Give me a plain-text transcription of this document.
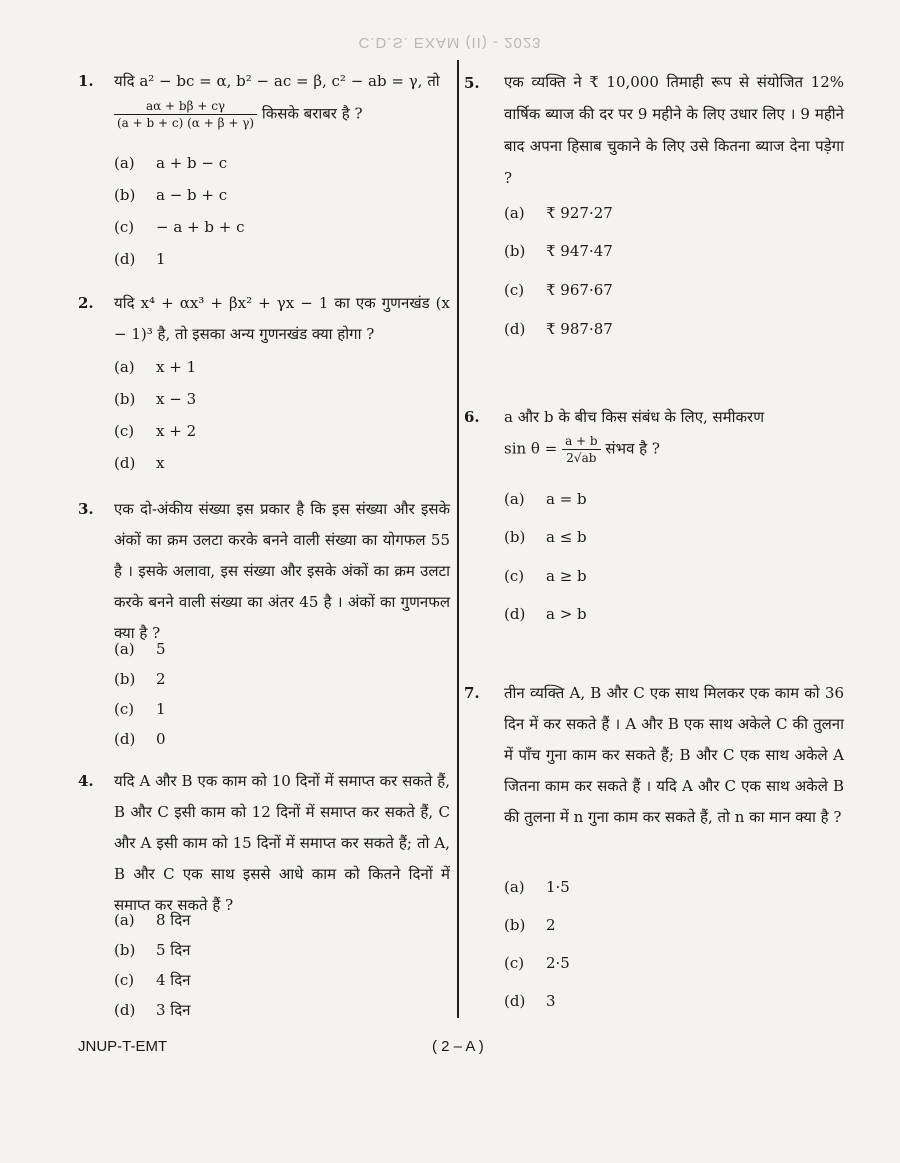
C.D.S. EXAM (II) - 2023
1. यदि a² − bc = α, b² − ac = β, c² − ab = γ, तो
$\frac{a\alpha + b\beta + c\gamma}{(a + b + c) (\alpha + \beta + \gamma)}$ किसके बराबर है ?
(a) a + b − c
(b) a − b + c
(c) − a + b + c
(d) 1
2. यदि x⁴ + αx³ + βx² + γx − 1 का एक गुणनखंड (x − 1)³ है, तो इसका अन्य गुणनखंड क्या होगा ?
(a) x + 1
(b) x − 3
(c) x + 2
(d) x
3. एक दो-अंकीय संख्या इस प्रकार है कि इस संख्या और इसके अंकों का क्रम उलटा करके बनने वाली संख्या का योगफल 55 है । इसके अलावा, इस संख्या और इसके अंकों का क्रम उलटा करके बनने वाली संख्या का अंतर 45 है । अंकों का गुणनफल क्या है ?
(a) 5
(b) 2
(c) 1
(d) 0
4. यदि A और B एक काम को 10 दिनों में समाप्त कर सकते हैं, B और C इसी काम को 12 दिनों में समाप्त कर सकते हैं, C और A इसी काम को 15 दिनों में समाप्त कर सकते हैं; तो A, B और C एक साथ इससे आधे काम को कितने दिनों में समाप्त कर सकते हैं ?
(a) 8 दिन
(b) 5 दिन
(c) 4 दिन
(d) 3 दिन
5. एक व्यक्ति ने ₹ 10,000 तिमाही रूप से संयोजित 12% वार्षिक ब्याज की दर पर 9 महीने के लिए उधार लिए । 9 महीने बाद अपना हिसाब चुकाने के लिए उसे कितना ब्याज देना पड़ेगा ?
(a) ₹ 927·27
(b) ₹ 947·47
(c) ₹ 967·67
(d) ₹ 987·87
6. a और b के बीच किस संबंध के लिए, समीकरण
$\sin \theta = \frac{a + b}{2√ab}$ संभव है ?
(a) a = b
(b) a ≤ b
(c) a ≥ b
(d) a > b
7. तीन व्यक्ति A, B और C एक साथ मिलकर एक काम को 36 दिन में कर सकते हैं । A और B एक साथ अकेले C की तुलना में पाँच गुना काम कर सकते हैं; B और C एक साथ अकेले A जितना काम कर सकते हैं । यदि A और C एक साथ अकेले B की तुलना में n गुना काम कर सकते हैं, तो n का मान क्या है ?
(a) 1·5
(b) 2
(c) 2·5
(d) 3
JNUP-T-EMT	( 2 – A )
